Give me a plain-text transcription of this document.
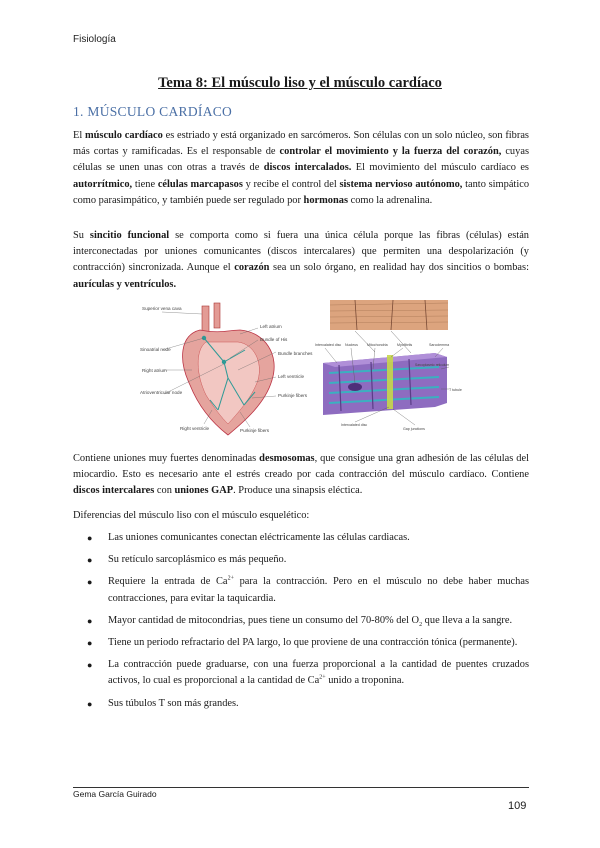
Fisiología
Tema 8: El músculo liso y el músculo cardíaco
1. MÚSCULO CARDÍACO
El músculo cardíaco es estriado y está organizado en sarcómeros. Son células con un solo núcleo, son fibras más cortas y ramificadas. Es el responsable de controlar el movimiento y la fuerza del corazón, cuyas células se unen unas con otras a través de discos intercalados. El movimiento del músculo cardíaco es autorrítmico, tiene células marcapasos y recibe el control del sistema nervioso autónomo, tanto simpático como parasimpático, y también puede ser regulado por hormonas como la adrenalina.
Su sincitio funcional se comporta como si fuera una única célula porque las fibras (células) están interconectadas por uniones comunicantes (discos intercalares) que permiten una despolarización (y contracción) sincronizada. Aunque el corazón sea un solo órgano, en realidad hay dos sincitios o bombas: aurículas y ventrículos.
Superior vena cava
Left atrium
Bundle of His
Sinoatrial node
Bundle branches
Right atrium
Left ventricle
Atrioventricular node
Purkinje fibers
Right ventricle	Purkinje fibers
Intercalated disc Nucleus	Mitochondria	Myofibrils	Sarcolemma
Sarcoplasmic reticulum
T tubule
Intercalated disc
Gap junctions
Contiene uniones muy fuertes denominadas desmosomas, que consigue una gran adhesión de las células del miocardio. Esto es necesario ante el estrés creado por cada contracción del músculo cardíaco. Contiene discos intercalares con uniones GAP. Produce una sinapsis eléctica.
Diferencias del músculo liso con el músculo esquelético:
● Las uniones comunicantes conectan eléctricamente las células cardiacas.
● Su retículo sarcoplásmico es más pequeño.
● Requiere la entrada de $Ca^{2+}$ para la contracción. Pero en el músculo no debe haber muchas contracciones, para evitar la taquicardia.
● Mayor cantidad de mitocondrias, pues tiene un consumo del 70-80% del $O_2$ que lleva a la sangre.
● Tiene un periodo refractario del PA largo, lo que proviene de una contracción tónica (permanente).
● La contracción puede graduarse, con una fuerza proporcional a la cantidad de puentes cruzados activos, lo cual es proporcional a la cantidad de $Ca^{2+}$ unido a troponina.
● Sus túbulos T son más grandes.
Gema García Guirado
109
